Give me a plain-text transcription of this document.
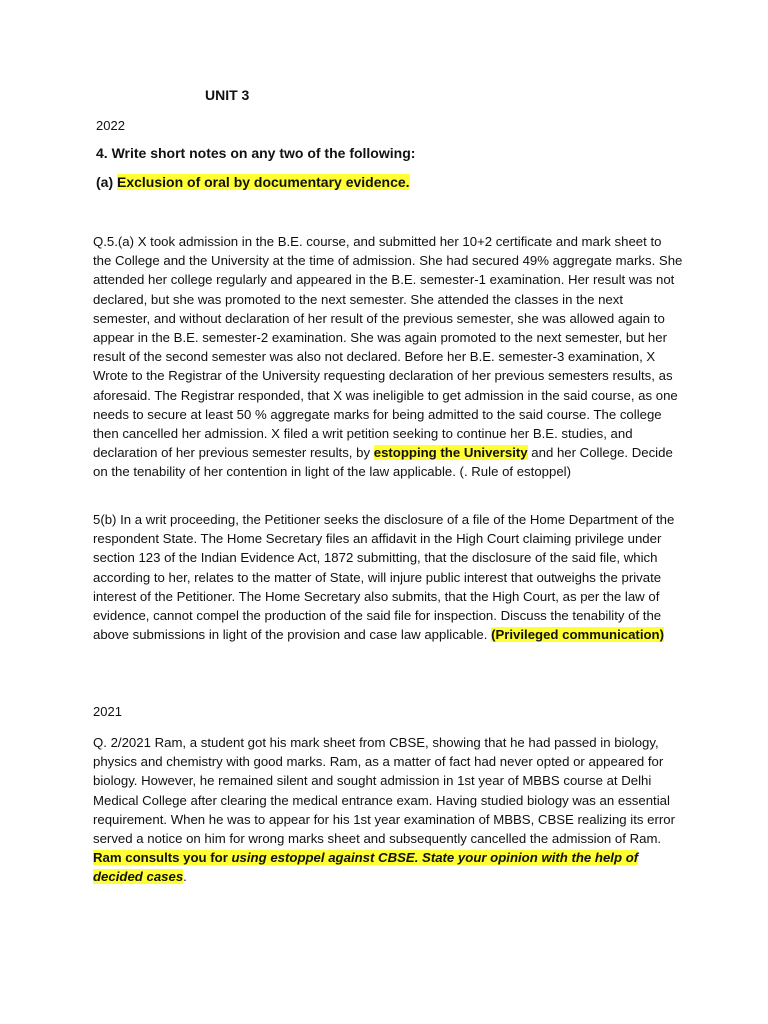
UNIT 3
2022
4. Write short notes on any two of the following:
(a) Exclusion of oral by documentary evidence.

Q.5.(a) X took admission in the B.E. course, and submitted her 10+2 certificate and mark sheet to the College and the University at the time of admission. She had secured 49% aggregate marks. She attended her college regularly and appeared in the B.E. semester-1 examination. Her result was not declared, but she was promoted to the next semester. She attended the classes in the next semester, and without declaration of her result of the previous semester, she was allowed again to appear in the B.E. semester-2 examination. She was again promoted to the next semester, but her result of the second semester was also not declared. Before her B.E. semester-3 examination, X Wrote to the Registrar of the University requesting declaration of her previous semesters results, as aforesaid. The Registrar responded, that X was ineligible to get admission in the said course, as one needs to secure at least 50 % aggregate marks for being admitted to the said course. The college then cancelled her admission. X filed a writ petition seeking to continue her B.E. studies, and declaration of her previous semester results, by estopping the University and her College. Decide on the tenability of her contention in light of the law applicable. (. Rule of estoppel)

5(b) In a writ proceeding, the Petitioner seeks the disclosure of a file of the Home Department of the respondent State. The Home Secretary files an affidavit in the High Court claiming privilege under section 123 of the Indian Evidence Act, 1872 submitting, that the disclosure of the said file, which according to her, relates to the matter of State, will injure public interest that outweighs the private interest of the Petitioner. The Home Secretary also submits, that the High Court, as per the law of evidence, cannot compel the production of the said file for inspection. Discuss the tenability of the above submissions in light of the provision and case law applicable. (Privileged communication)

2021

Q. 2/2021 Ram, a student got his mark sheet from CBSE, showing that he had passed in biology, physics and chemistry with good marks. Ram, as a matter of fact had never opted or appeared for biology. However, he remained silent and sought admission in 1st year of MBBS course at Delhi Medical College after clearing the medical entrance exam. Having studied biology was an essential requirement. When he was to appear for his 1st year examination of MBBS, CBSE realizing its error served a notice on him for wrong marks sheet and subsequently cancelled the admission of Ram. Ram consults you for using estoppel against CBSE. State your opinion with the help of decided cases.
